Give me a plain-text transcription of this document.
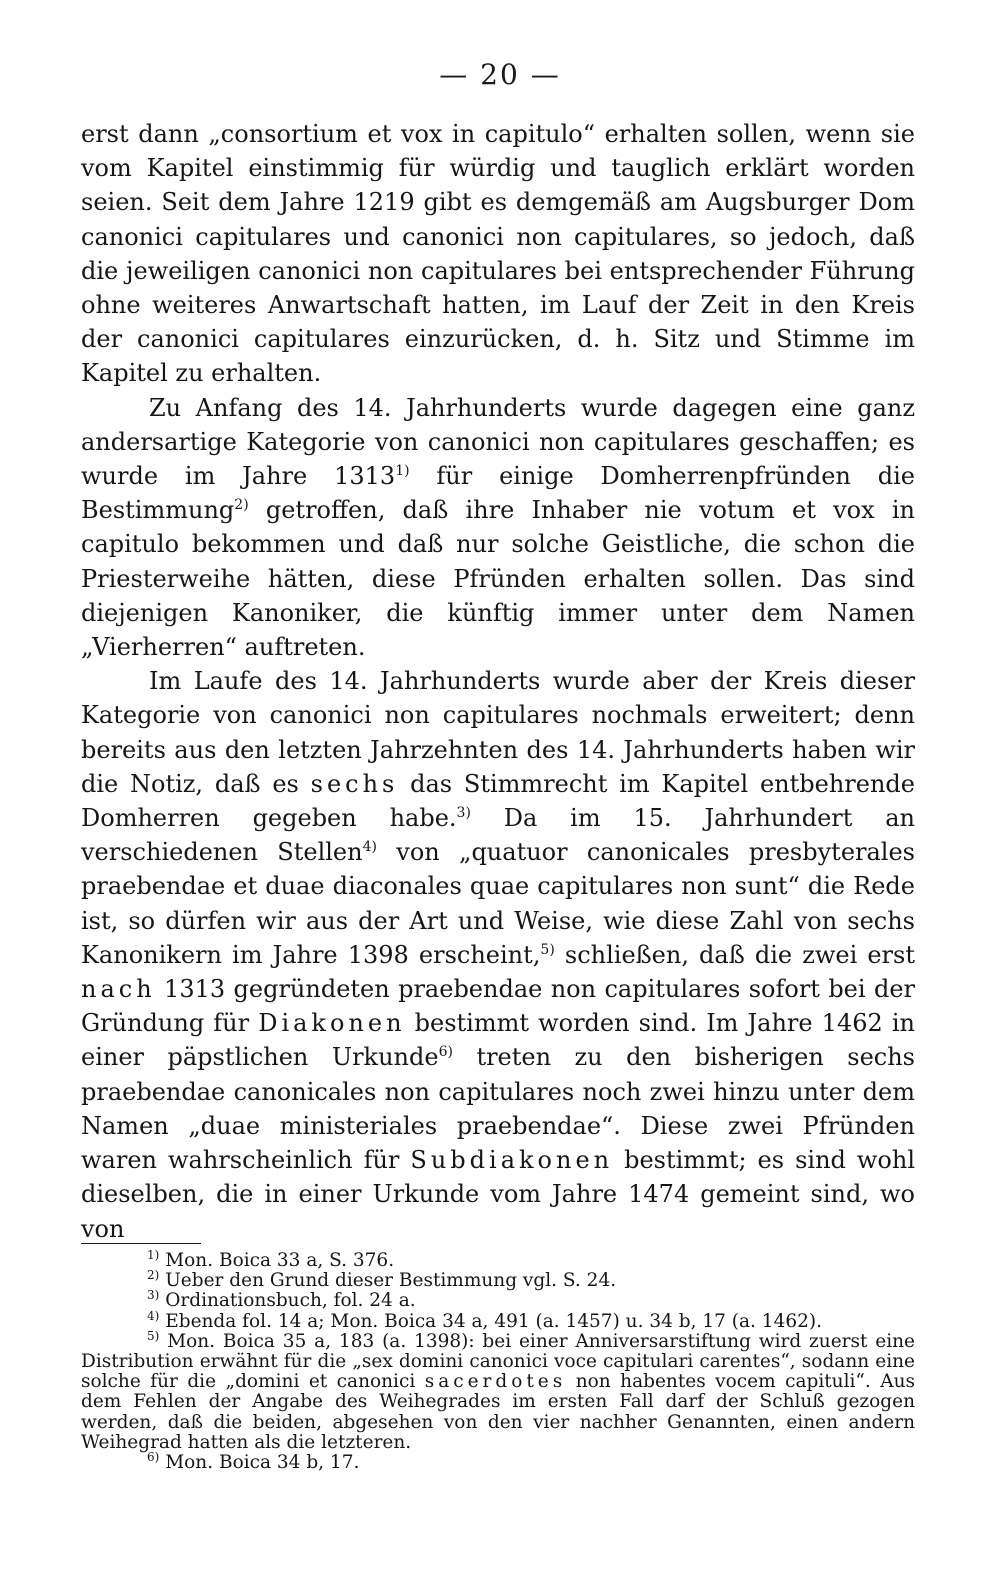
— 20 —

erst dann „consortium et vox in capitulo“ erhalten sollen, wenn sie vom Kapitel einstimmig für würdig und tauglich erklärt worden seien. Seit dem Jahre 1219 gibt es demgemäß am Augsburger Dom canonici capitulares und canonici non capitulares, so jedoch, daß die jeweiligen canonici non capitulares bei entsprechender Führung ohne weiteres Anwartschaft hatten, im Lauf der Zeit in den Kreis der canonici capitulares einzurücken, d. h. Sitz und Stimme im Kapitel zu erhalten.

Zu Anfang des 14. Jahrhunderts wurde dagegen eine ganz andersartige Kategorie von canonici non capitulares geschaffen; es wurde im Jahre 1313$^{1)}$ für einige Domherrenpfründen die Bestimmung$^{2)}$ getroffen, daß ihre Inhaber nie votum et vox in capitulo bekommen und daß nur solche Geistliche, die schon die Priesterweihe hätten, diese Pfründen erhalten sollen. Das sind diejenigen Kanoniker, die künftig immer unter dem Namen „Vierherren“ auftreten.

Im Laufe des 14. Jahrhunderts wurde aber der Kreis dieser Kategorie von canonici non capitulares nochmals erweitert; denn bereits aus den letzten Jahrzehnten des 14. Jahrhunderts haben wir die Notiz, daß es sechs das Stimmrecht im Kapitel entbehrende Domherren gegeben habe.$^{3)}$ Da im 15. Jahrhundert an verschiedenen Stellen$^{4)}$ von „quatuor canonicales presbyterales praebendae et duae diaconales quae capitulares non sunt“ die Rede ist, so dürfen wir aus der Art und Weise, wie diese Zahl von sechs Kanonikern im Jahre 1398 erscheint,$^{5)}$ schließen, daß die zwei erst nach 1313 gegründeten praebendae non capitulares sofort bei der Gründung für Diakonen bestimmt worden sind. Im Jahre 1462 in einer päpstlichen Urkunde$^{6)}$ treten zu den bisherigen sechs praebendae canonicales non capitulares noch zwei hinzu unter dem Namen „duae ministeriales praebendae“. Diese zwei Pfründen waren wahrscheinlich für Subdiakonen bestimmt; es sind wohl dieselben, die in einer Urkunde vom Jahre 1474 gemeint sind, wo von

$^{1)}$ Mon. Boica 33 a, S. 376.
$^{2)}$ Ueber den Grund dieser Bestimmung vgl. S. 24.
$^{3)}$ Ordinationsbuch, fol. 24 a.
$^{4)}$ Ebenda fol. 14 a; Mon. Boica 34 a, 491 (a. 1457) u. 34 b, 17 (a. 1462).
$^{5)}$ Mon. Boica 35 a, 183 (a. 1398): bei einer Anniversarstiftung wird zuerst eine Distribution erwähnt für die „sex domini canonici voce capitulari carentes“, sodann eine solche für die „domini et canonici sacerdotes non habentes vocem capituli“. Aus dem Fehlen der Angabe des Weihegrades im ersten Fall darf der Schluß gezogen werden, daß die beiden, abgesehen von den vier nachher Genannten, einen andern Weihegrad hatten als die letzteren.
$^{6)}$ Mon. Boica 34 b, 17.
